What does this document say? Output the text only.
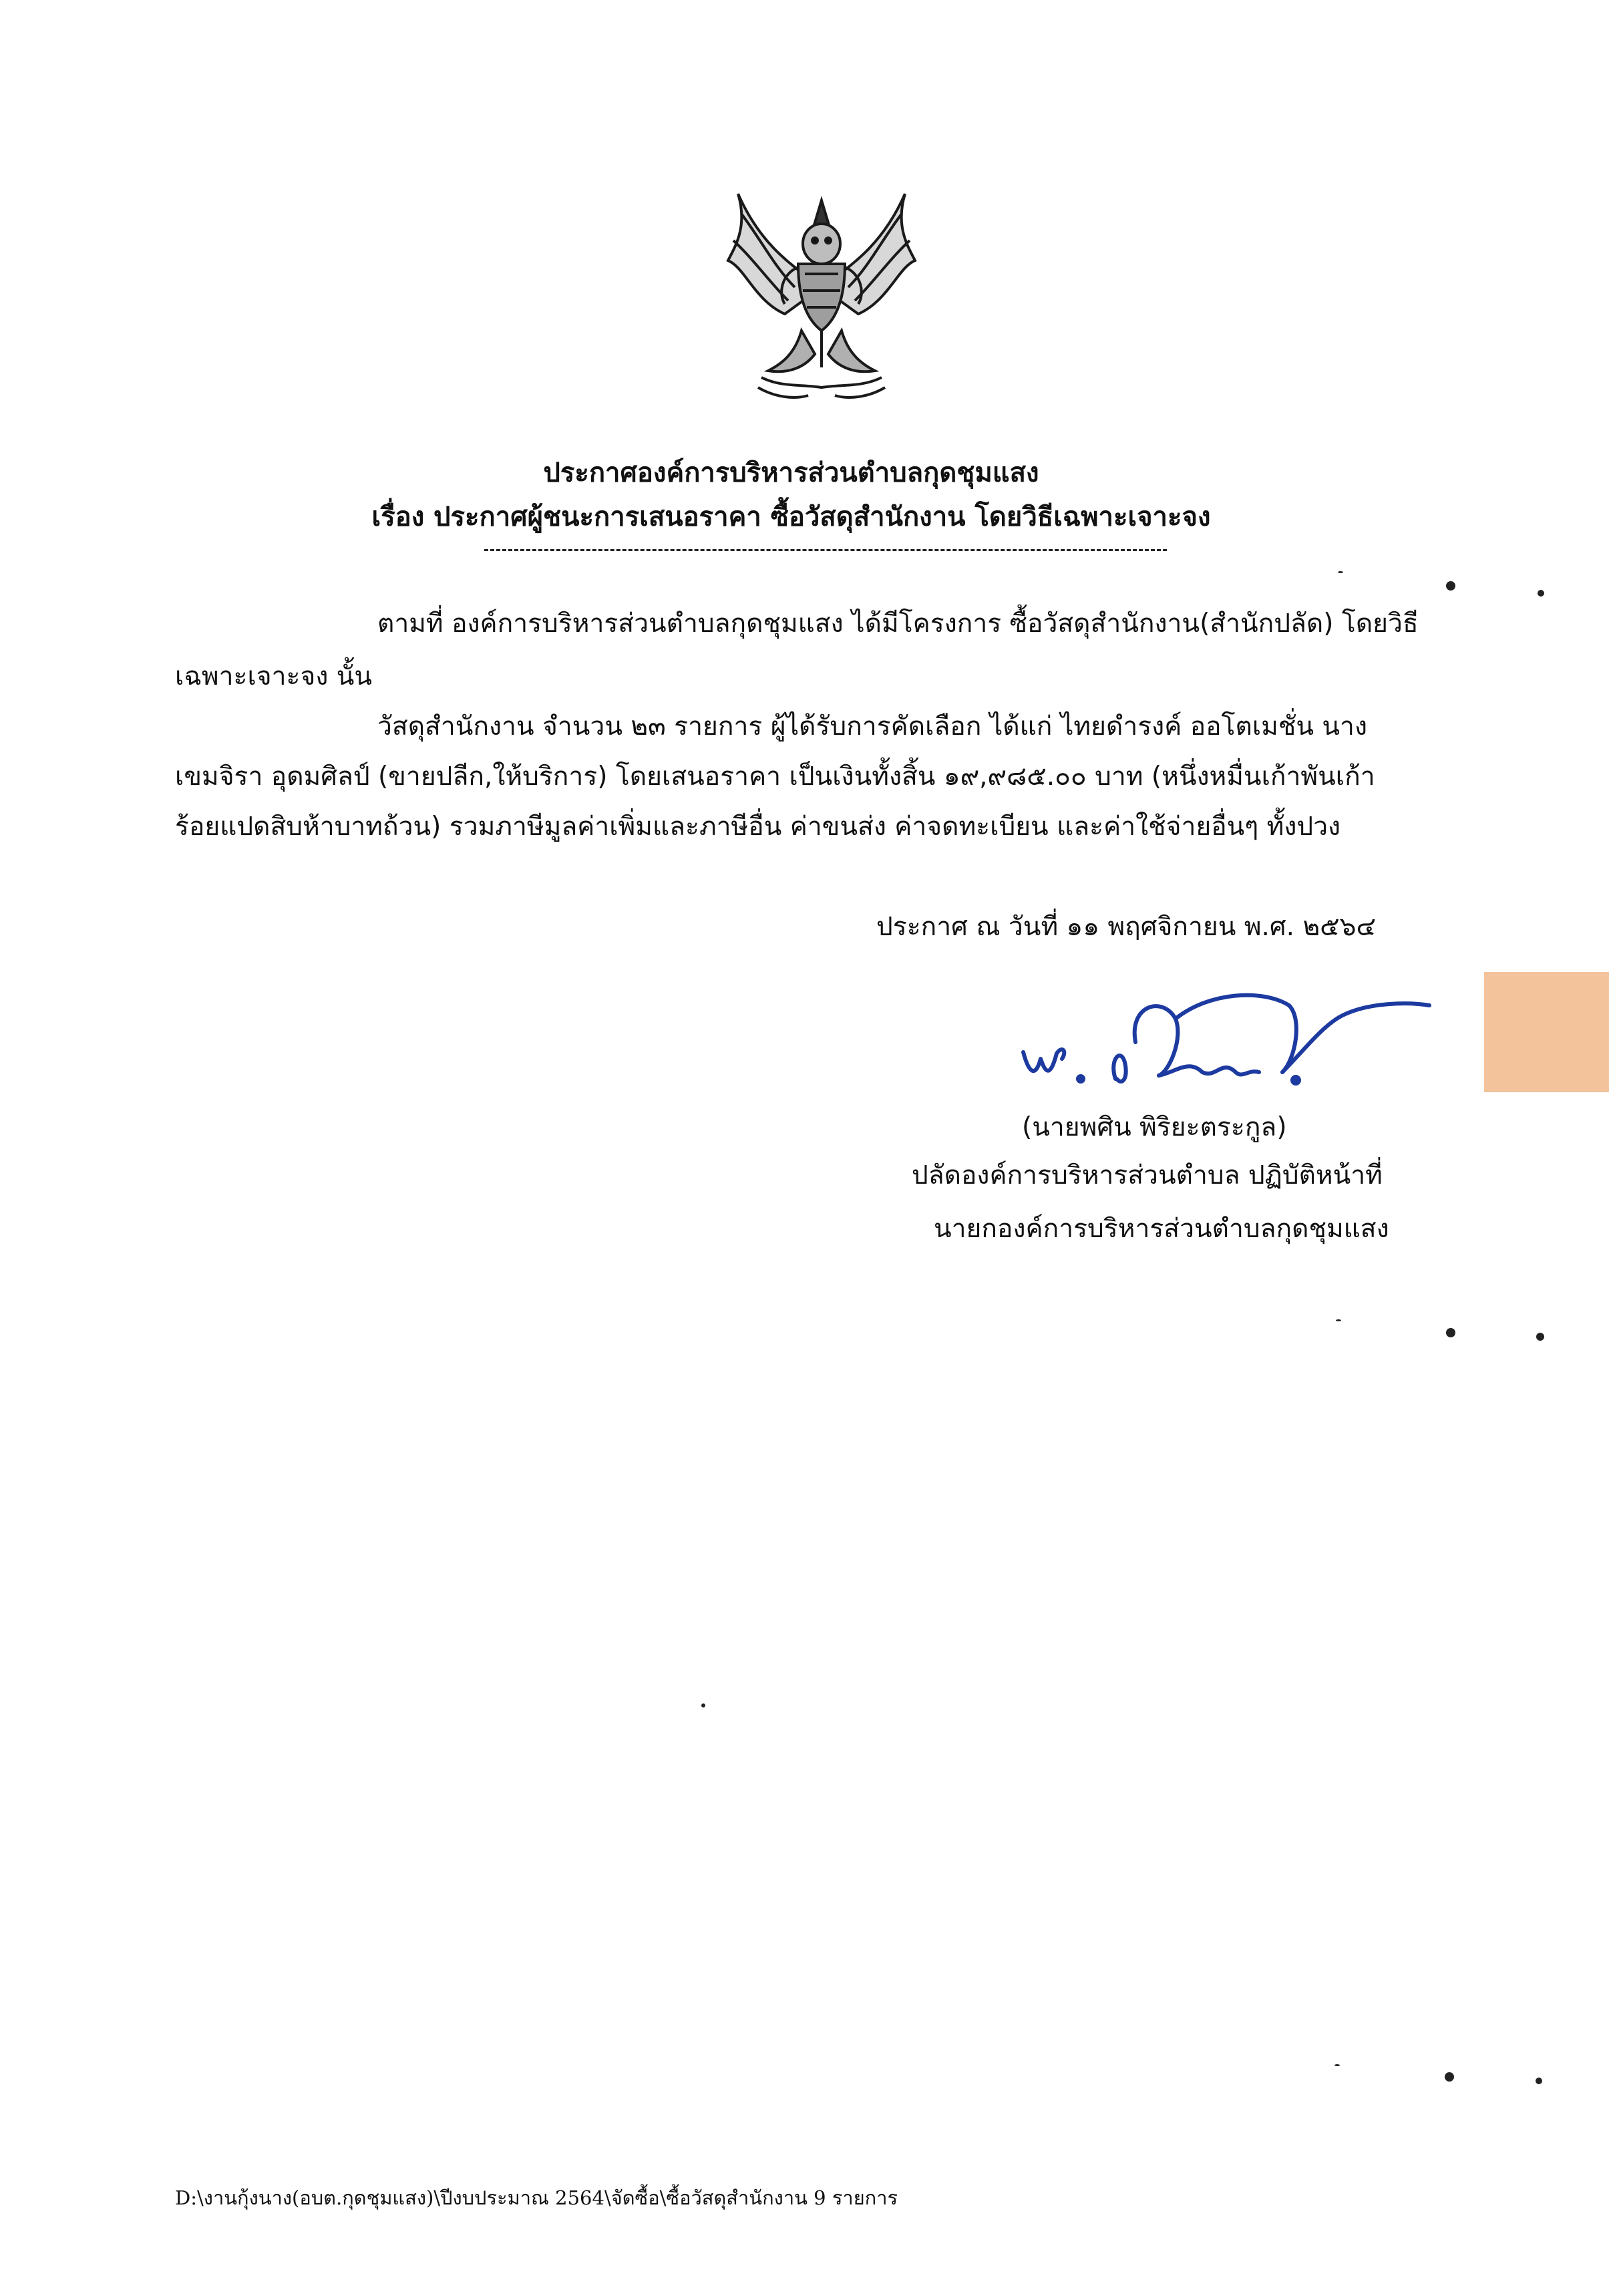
ประกาศองค์การบริหารส่วนตำบลกุดชุมแสง
เรื่อง ประกาศผู้ชนะการเสนอราคา ซื้อวัสดุสำนักงาน โดยวิธีเฉพาะเจาะจง
ตามที่ องค์การบริหารส่วนตำบลกุดชุมแสง ได้มีโครงการ ซื้อวัสดุสำนักงาน(สำนักปลัด) โดยวิธี
เฉพาะเจาะจง นั้น
วัสดุสำนักงาน จำนวน ๒๓ รายการ ผู้ได้รับการคัดเลือก ได้แก่ ไทยดำรงค์ ออโตเมชั่น นาง
เขมจิรา อุดมศิลป์ (ขายปลีก,ให้บริการ) โดยเสนอราคา เป็นเงินทั้งสิ้น ๑๙,๙๘๕.๐๐ บาท (หนึ่งหมื่นเก้าพันเก้า
ร้อยแปดสิบห้าบาทถ้วน) รวมภาษีมูลค่าเพิ่มและภาษีอื่น ค่าขนส่ง ค่าจดทะเบียน และค่าใช้จ่ายอื่นๆ ทั้งปวง
ประกาศ ณ วันที่ ๑๑ พฤศจิกายน พ.ศ. ๒๕๖๔
(นายพศิน พิริยะตระกูล)
ปลัดองค์การบริหารส่วนตำบล ปฏิบัติหน้าที่
นายกองค์การบริหารส่วนตำบลกุดชุมแสง
D:\งานกุ้งนาง(อบต.กุดชุมแสง)\ปีงบประมาณ 2564\จัดซื้อ\ซื้อวัสดุสำนักงาน 9 รายการ
